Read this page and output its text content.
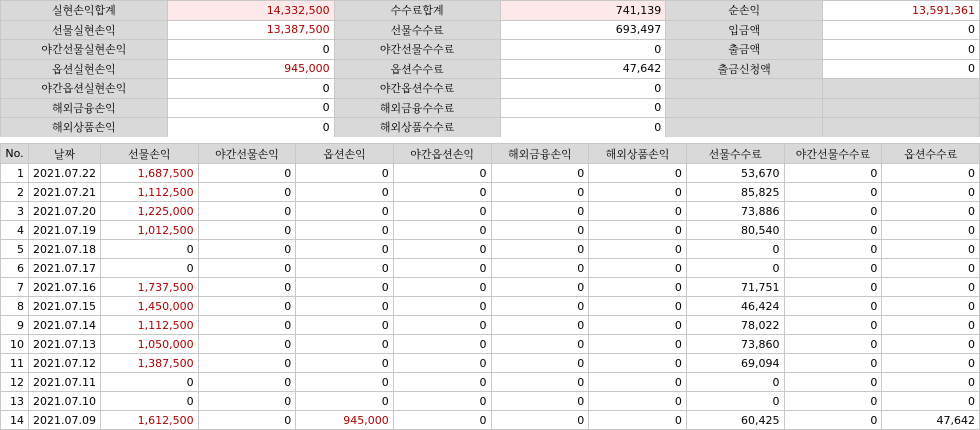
실현손익합계	14,332,500	수수료합계	741,139	순손익	13,591,361
선물실현손익	13,387,500	선물수수료	693,497	입금액	0
야간선물실현손익	0	야간선물수수료	0	출금액	0
옵션실현손익	945,000	옵션수수료	47,642	출금신청액	0
야간옵션실현손익	0	야간옵션수수료	0		
해외금융손익	0	해외금융수수료	0		
해외상품손익	0	해외상품수수료	0		
No.	날짜	선물손익	야간선물손익	옵션손익	야간옵션손익	해외금융손익	해외상품손익	선물수수료	야간선물수수료	옵션수수료
1	2021.07.22	1,687,500	0	0	0	0	0	53,670	0	0
2	2021.07.21	1,112,500	0	0	0	0	0	85,825	0	0
3	2021.07.20	1,225,000	0	0	0	0	0	73,886	0	0
4	2021.07.19	1,012,500	0	0	0	0	0	80,540	0	0
5	2021.07.18	0	0	0	0	0	0	0	0	0
6	2021.07.17	0	0	0	0	0	0	0	0	0
7	2021.07.16	1,737,500	0	0	0	0	0	71,751	0	0
8	2021.07.15	1,450,000	0	0	0	0	0	46,424	0	0
9	2021.07.14	1,112,500	0	0	0	0	0	78,022	0	0
10	2021.07.13	1,050,000	0	0	0	0	0	73,860	0	0
11	2021.07.12	1,387,500	0	0	0	0	0	69,094	0	0
12	2021.07.11	0	0	0	0	0	0	0	0	0
13	2021.07.10	0	0	0	0	0	0	0	0	0
14	2021.07.09	1,612,500	0	945,000	0	0	0	60,425	0	47,642
